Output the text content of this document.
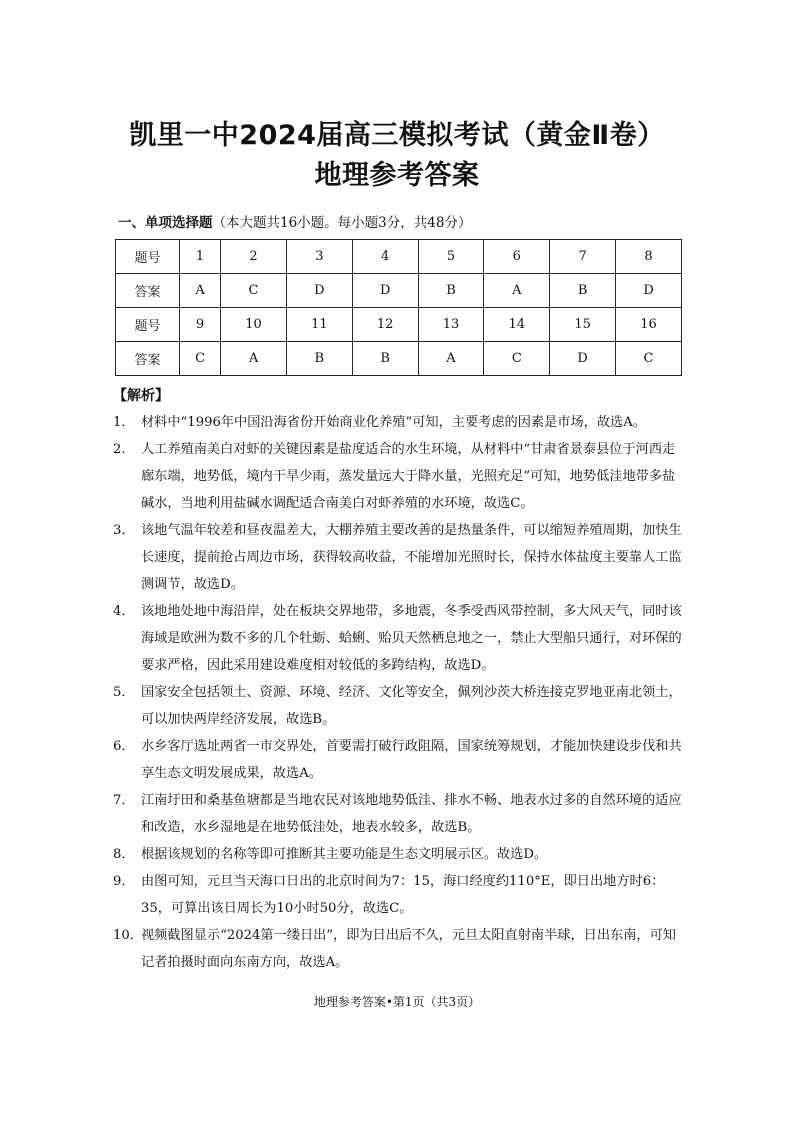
凯里一中2024届高三模拟考试（黄金Ⅱ卷）
地理参考答案
一、单项选择题（本大题共16小题。每小题3分，共48分）
题号	1	2	3	4	5	6	7	8
答案	A	C	D	D	B	A	B	D
题号	9	10	11	12	13	14	15	16
答案	C	A	B	B	A	C	D	C
【解析】

1． 材料中“1996年中国沿海省份开始商业化养殖”可知，主要考虑的因素是市场，故选A。

2． 人工养殖南美白对虾的关键因素是盐度适合的水生环境，从材料中“甘肃省景泰县位于河西走廊东端，地势低，境内干旱少雨，蒸发量远大于降水量，光照充足”可知，地势低洼地带多盐碱水，当地利用盐碱水调配适合南美白对虾养殖的水环境，故选C。

3． 该地气温年较差和昼夜温差大，大棚养殖主要改善的是热量条件，可以缩短养殖周期，加快生长速度，提前抢占周边市场，获得较高收益，不能增加光照时长，保持水体盐度主要靠人工监测调节，故选D。

4． 该地地处地中海沿岸，处在板块交界地带，多地震，冬季受西风带控制，多大风天气，同时该海域是欧洲为数不多的几个牡蛎、蛤蜊、贻贝天然栖息地之一，禁止大型船只通行，对环保的要求严格，因此采用建设难度相对较低的多跨结构，故选D。

5． 国家安全包括领土、资源、环境、经济、文化等安全，佩列沙茨大桥连接克罗地亚南北领土，可以加快两岸经济发展，故选B。

6． 水乡客厅选址两省一市交界处，首要需打破行政阻隔，国家统筹规划，才能加快建设步伐和共享生态文明发展成果，故选A。

7． 江南圩田和桑基鱼塘都是当地农民对该地地势低洼、排水不畅、地表水过多的自然环境的适应和改造，水乡湿地是在地势低洼处，地表水较多，故选B。

8． 根据该规划的名称等即可推断其主要功能是生态文明展示区。故选D。

9． 由图可知，元旦当天海口日出的北京时间为7：15，海口经度约110°E，即日出地方时6：35，可算出该日周长为10小时50分，故选C。

10．
视频截图显示“2024第一缕日出”，即为日出后不久，元旦太阳直射南半球，日出东南，可知记者拍摄时面向东南方向，故选A。

地理参考答案•第1页（共3页）
